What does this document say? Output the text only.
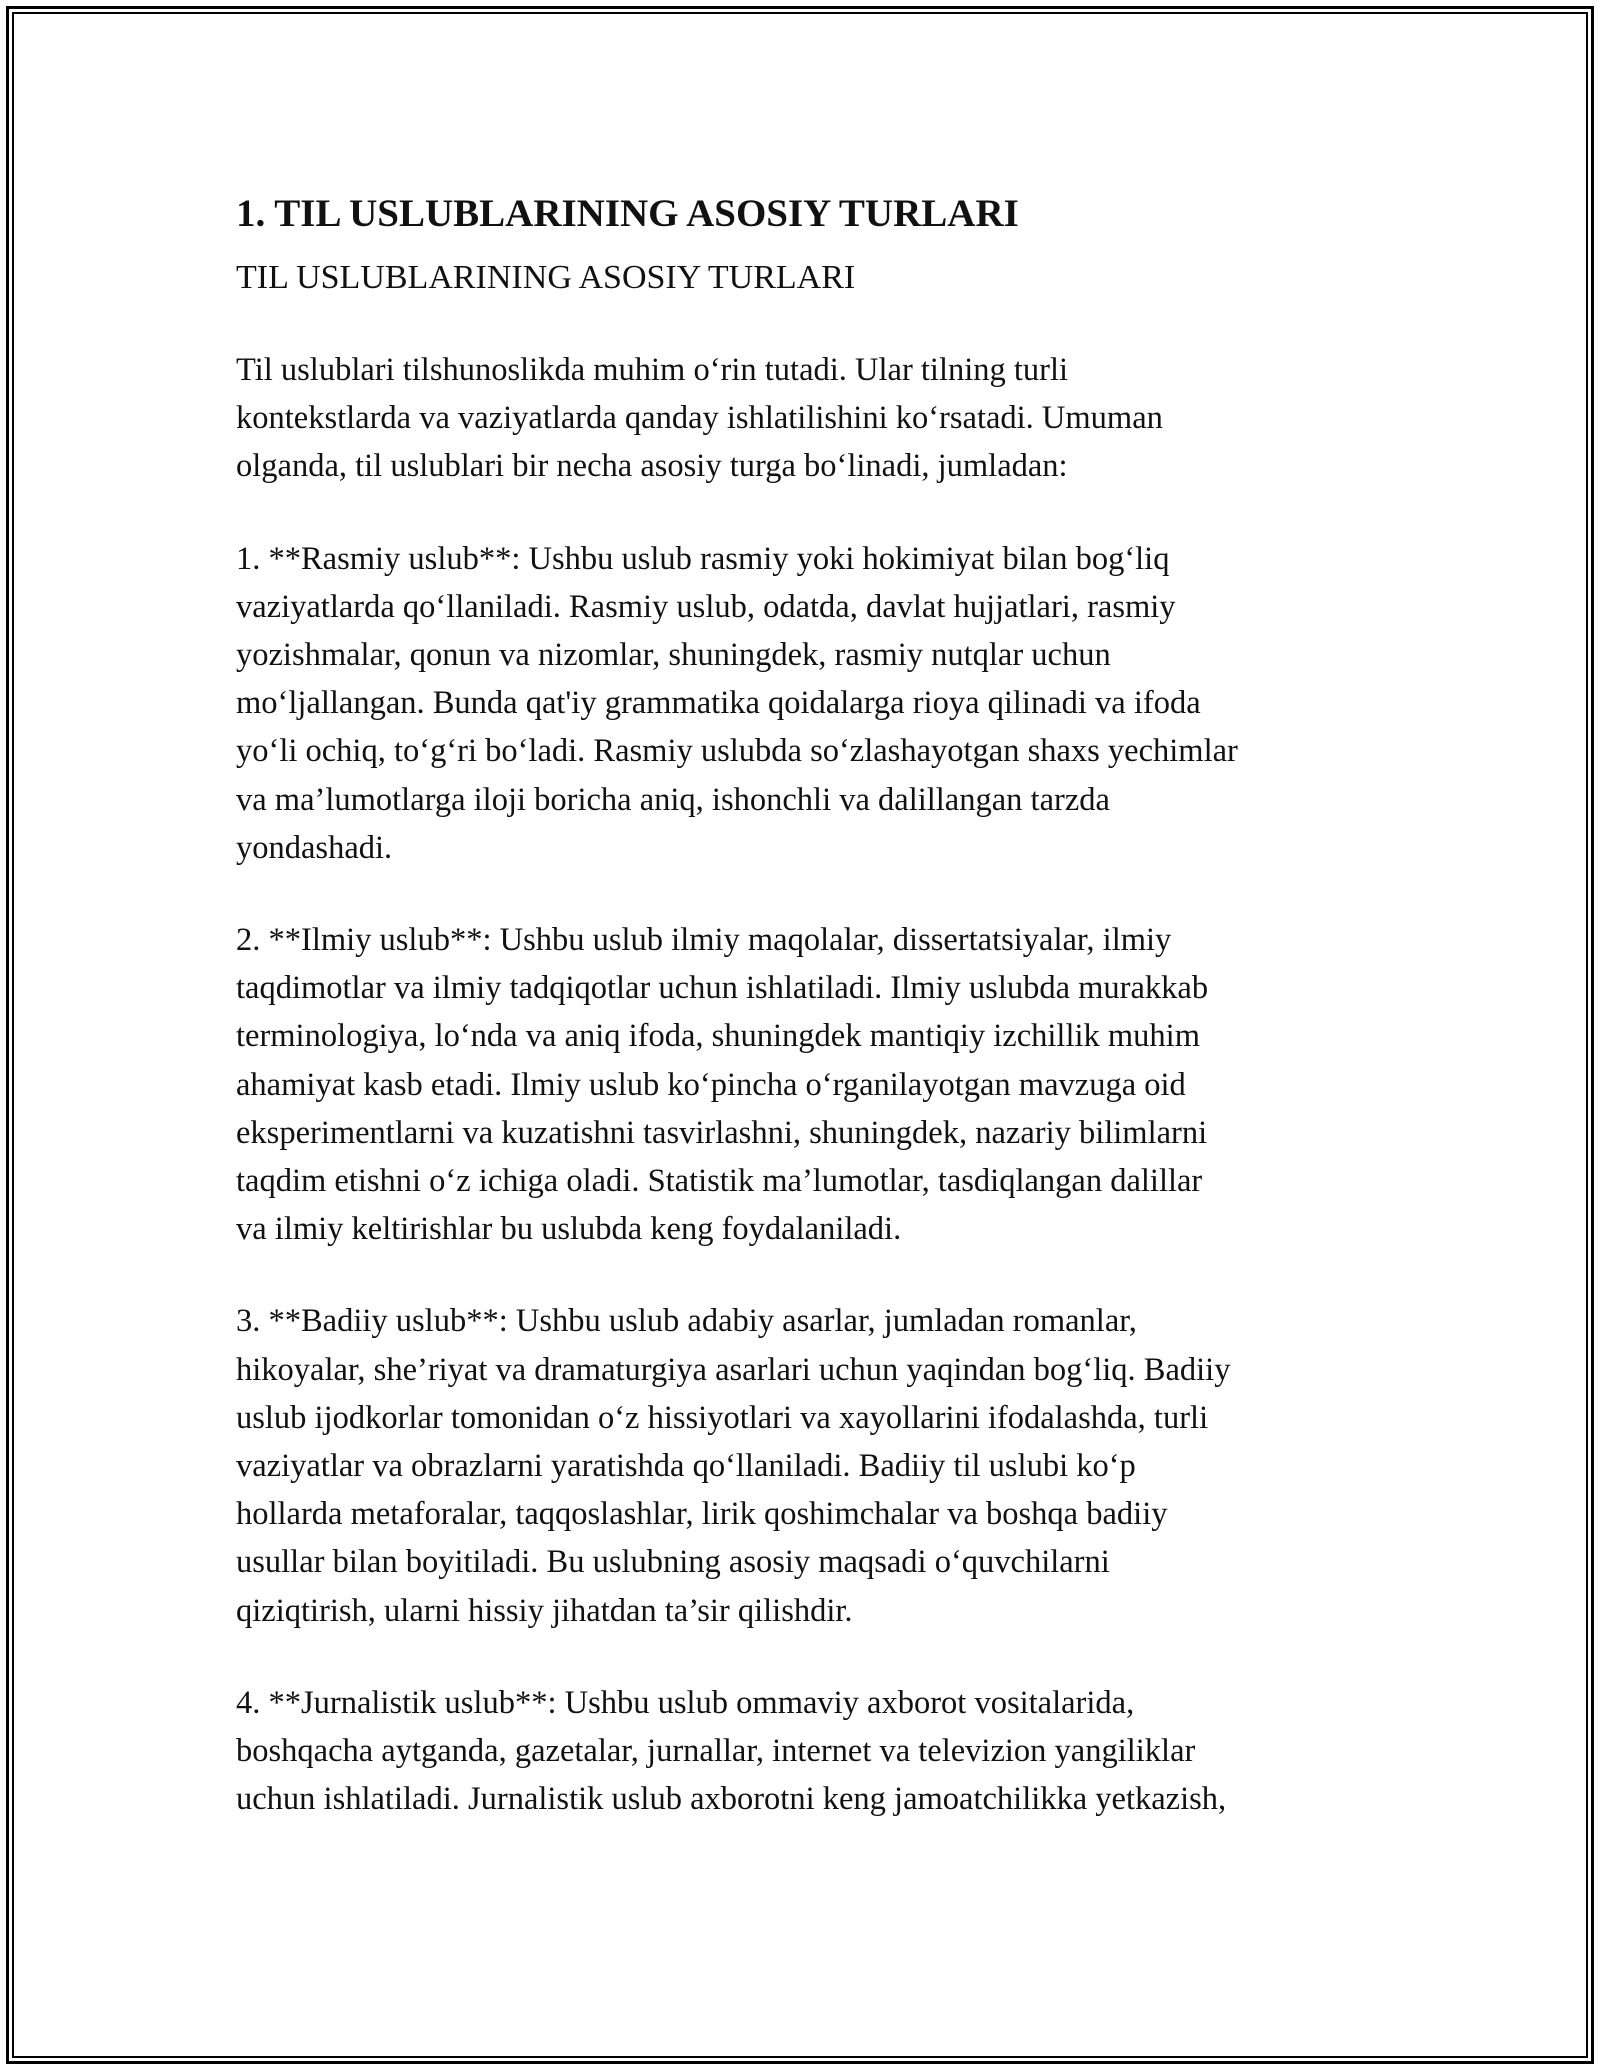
1. TIL USLUBLARINING ASOSIY TURLARI
TIL USLUBLARINING ASOSIY TURLARI

Til uslublari tilshunoslikda muhim o‘rin tutadi. Ular tilning turli
kontekstlarda va vaziyatlarda qanday ishlatilishini ko‘rsatadi. Umuman
olganda, til uslublari bir necha asosiy turga bo‘linadi, jumladan:

1. **Rasmiy uslub**: Ushbu uslub rasmiy yoki hokimiyat bilan bog‘liq
vaziyatlarda qo‘llaniladi. Rasmiy uslub, odatda, davlat hujjatlari, rasmiy
yozishmalar, qonun va nizomlar, shuningdek, rasmiy nutqlar uchun
mo‘ljallangan. Bunda qat'iy grammatika qoidalarga rioya qilinadi va ifoda
yo‘li ochiq, to‘g‘ri bo‘ladi. Rasmiy uslubda so‘zlashayotgan shaxs yechimlar
va ma’lumotlarga iloji boricha aniq, ishonchli va dalillangan tarzda
yondashadi.

2. **Ilmiy uslub**: Ushbu uslub ilmiy maqolalar, dissertatsiyalar, ilmiy
taqdimotlar va ilmiy tadqiqotlar uchun ishlatiladi. Ilmiy uslubda murakkab
terminologiya, lo‘nda va aniq ifoda, shuningdek mantiqiy izchillik muhim
ahamiyat kasb etadi. Ilmiy uslub ko‘pincha o‘rganilayotgan mavzuga oid
eksperimentlarni va kuzatishni tasvirlashni, shuningdek, nazariy bilimlarni
taqdim etishni o‘z ichiga oladi. Statistik ma’lumotlar, tasdiqlangan dalillar
va ilmiy keltirishlar bu uslubda keng foydalaniladi.

3. **Badiiy uslub**: Ushbu uslub adabiy asarlar, jumladan romanlar,
hikoyalar, she’riyat va dramaturgiya asarlari uchun yaqindan bog‘liq. Badiiy
uslub ijodkorlar tomonidan o‘z hissiyotlari va xayollarini ifodalashda, turli
vaziyatlar va obrazlarni yaratishda qo‘llaniladi. Badiiy til uslubi ko‘p
hollarda metaforalar, taqqoslashlar, lirik qoshimchalar va boshqa badiiy
usullar bilan boyitiladi. Bu uslubning asosiy maqsadi o‘quvchilarni
qiziqtirish, ularni hissiy jihatdan ta’sir qilishdir.

4. **Jurnalistik uslub**: Ushbu uslub ommaviy axborot vositalarida,
boshqacha aytganda, gazetalar, jurnallar, internet va televizion yangiliklar
uchun ishlatiladi. Jurnalistik uslub axborotni keng jamoatchilikka yetkazish,
